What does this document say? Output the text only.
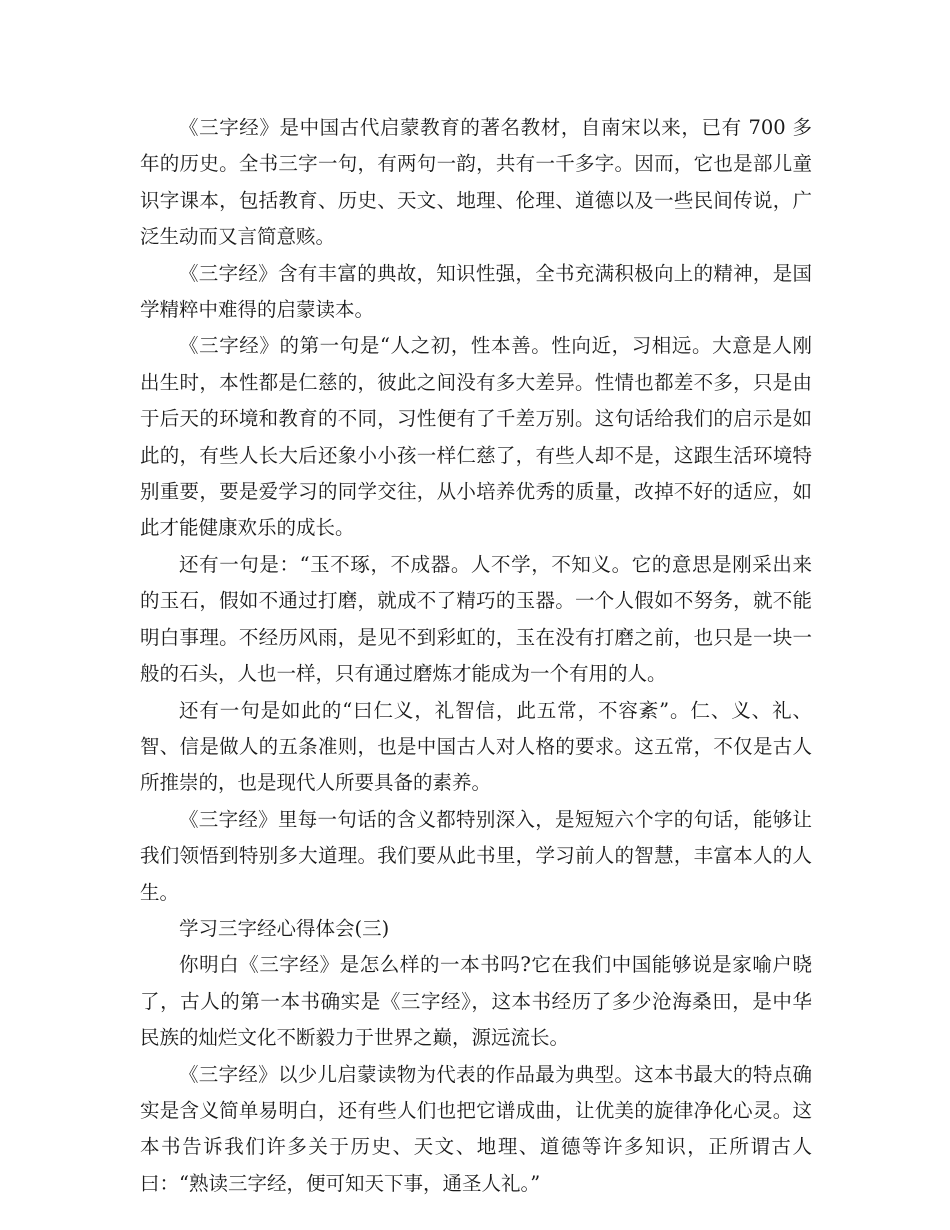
《三字经》是中国古代启蒙教育的著名教材，自南宋以来，已有 700 多年的历史。全书三字一句，有两句一韵，共有一千多字。因而，它也是部儿童识字课本，包括教育、历史、天文、地理、伦理、道德以及一些民间传说，广泛生动而又言简意赅。

《三字经》含有丰富的典故，知识性强，全书充满积极向上的精神，是国学精粹中难得的启蒙读本。

《三字经》的第一句是“人之初，性本善。性向近，习相远。大意是人刚出生时，本性都是仁慈的，彼此之间没有多大差异。性情也都差不多，只是由于后天的环境和教育的不同，习性便有了千差万别。这句话给我们的启示是如此的，有些人长大后还象小小孩一样仁慈了，有些人却不是，这跟生活环境特别重要，要是爱学习的同学交往，从小培养优秀的质量，改掉不好的适应，如此才能健康欢乐的成长。

还有一句是：“玉不琢，不成器。人不学，不知义。它的意思是刚采出来的玉石，假如不通过打磨，就成不了精巧的玉器。一个人假如不努务，就不能明白事理。不经历风雨，是见不到彩虹的，玉在没有打磨之前，也只是一块一般的石头，人也一样，只有通过磨炼才能成为一个有用的人。

还有一句是如此的“曰仁义，礼智信，此五常，不容紊”。仁、义、礼、智、信是做人的五条准则，也是中国古人对人格的要求。这五常，不仅是古人所推崇的，也是现代人所要具备的素养。

《三字经》里每一句话的含义都特别深入，是短短六个字的句话，能够让我们领悟到特别多大道理。我们要从此书里，学习前人的智慧，丰富本人的人生。

学习三字经心得体会(三)

你明白《三字经》是怎么样的一本书吗?它在我们中国能够说是家喻户晓了，古人的第一本书确实是《三字经》，这本书经历了多少沧海桑田，是中华民族的灿烂文化不断毅力于世界之巅，源远流长。

《三字经》以少儿启蒙读物为代表的作品最为典型。这本书最大的特点确实是含义简单易明白，还有些人们也把它谱成曲，让优美的旋律净化心灵。这本书告诉我们许多关于历史、天文、地理、道德等许多知识，正所谓古人曰：“熟读三字经，便可知天下事，通圣人礼。”
